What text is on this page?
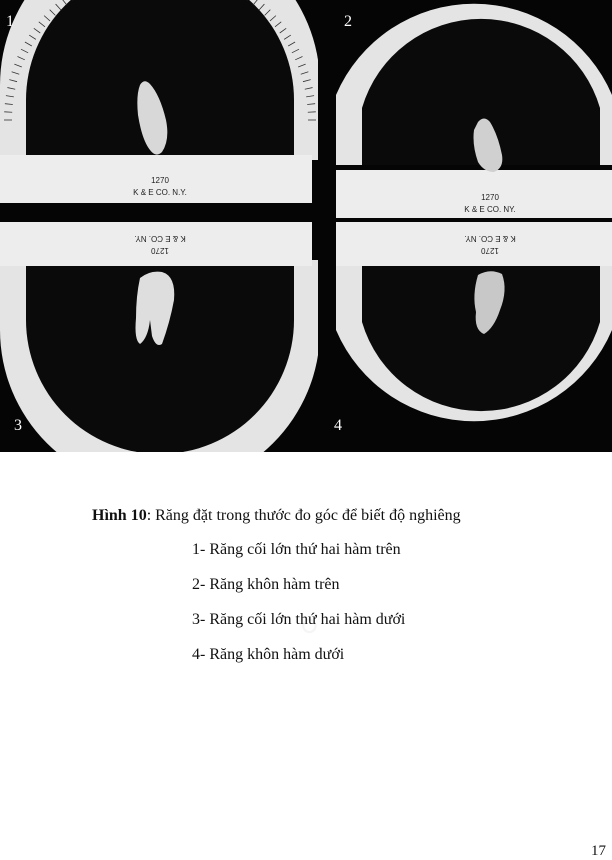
1	2
3	4
1270
K & E CO. N.Y.
1270
K & E CO. NY.
K & E CO. NY.
1270
K & E CO. NY.
1270
Hình 10: Răng đặt trong thước đo góc để biết độ nghiêng
1- Răng cối lớn thứ hai hàm trên
2- Răng khôn hàm trên
3- Răng cối lớn thứ hai hàm dưới
4- Răng khôn hàm dưới
17
